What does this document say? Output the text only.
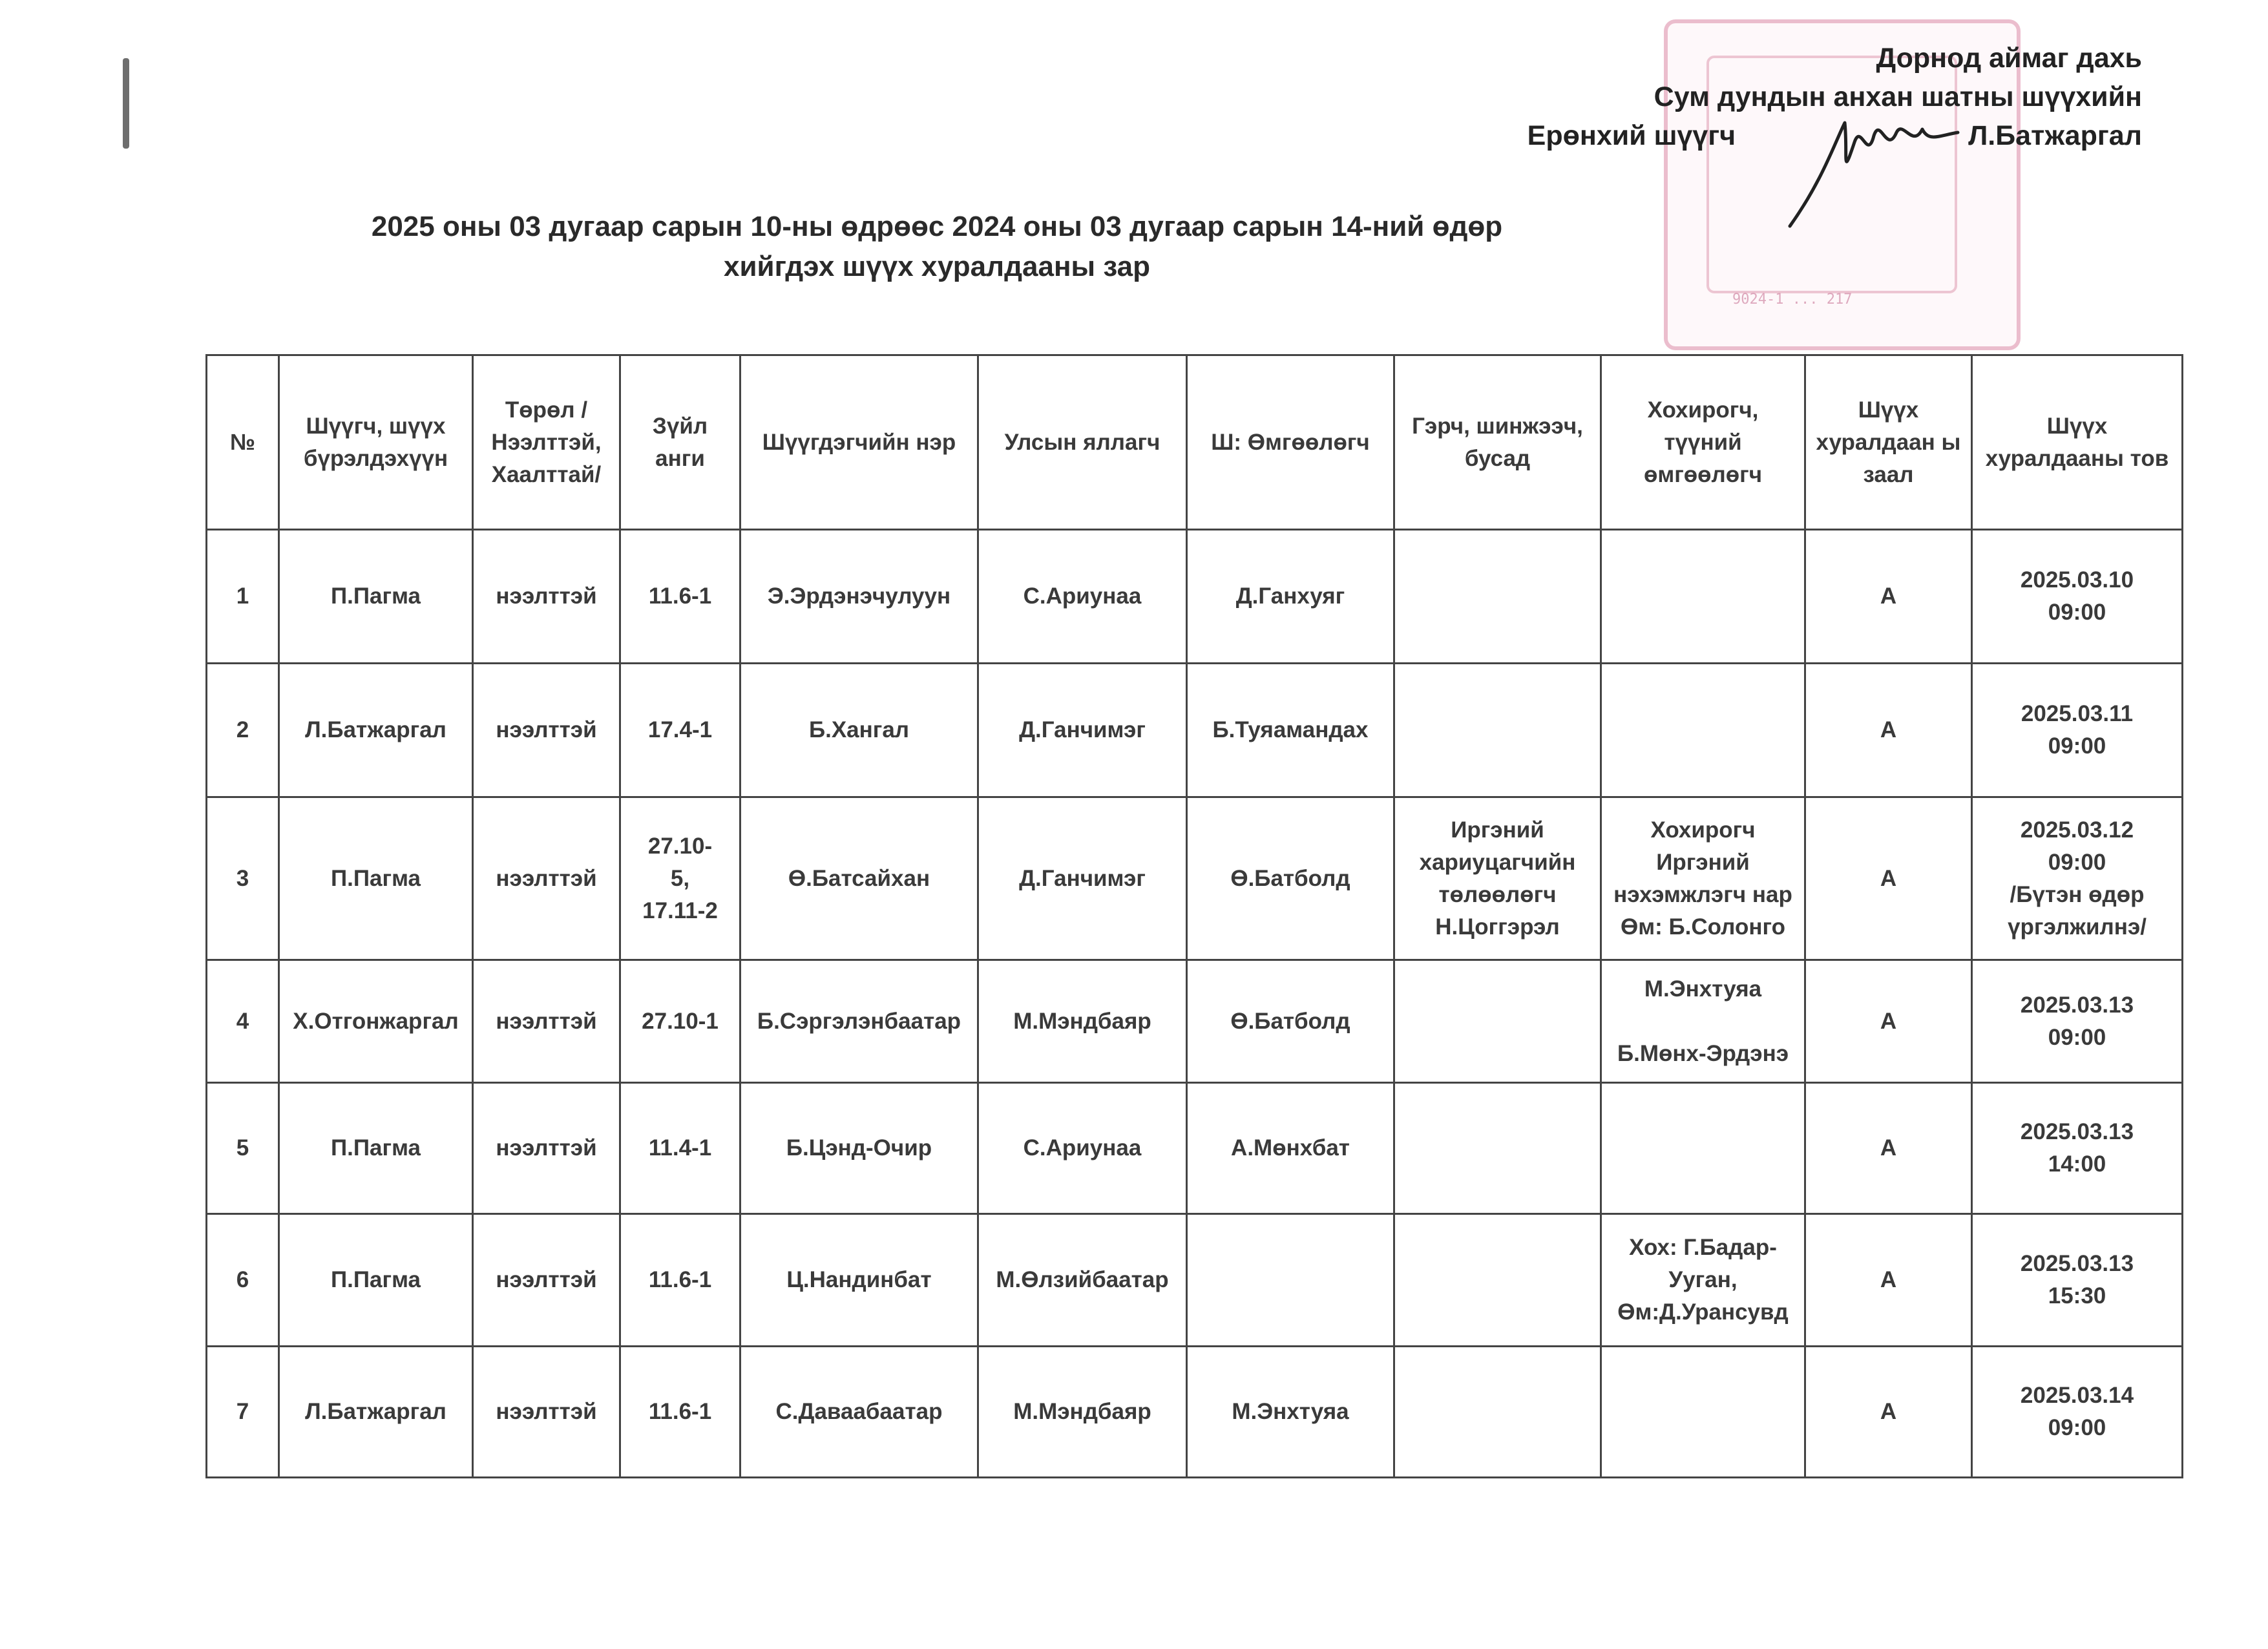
9024-1 ... 217
Дорнод аймаг дахь
Сум дундын анхан шатны шүүхийн
Ерөнхий шүүгч	Л.Батжаргал
2025 оны 03 дугаар сарын 10-ны өдрөөс 2024 оны 03 дугаар сарын 14-ний өдөр
хийгдэх шүүх хуралдааны зар
№	Шүүгч, шүүх бүрэлдэхүүн	Төрөл /Нээлттэй, Хаалттай/	Зүйл анги	Шүүгдэгчийн нэр	Улсын яллагч	Ш: Өмгөөлөгч	Гэрч, шинжээч, бусад	Хохирогч, түүний өмгөөлөгч	Шүүх хуралдаан ы заал	Шүүх хуралдааны тов
1	П.Пагма	нээлттэй	11.6-1	Э.Эрдэнэчулуун	С.Ариунаа	Д.Ганхуяг			А	2025.03.10
09:00
2	Л.Батжаргал	нээлттэй	17.4-1	Б.Хангал	Д.Ганчимэг	Б.Туяамандах			А	2025.03.11
09:00
3	П.Пагма	нээлттэй	27.10-
5,
17.11-2	Ө.Батсайхан	Д.Ганчимэг	Ө.Батболд	Иргэний хариуцагчийн төлөөлөгч Н.Цоггэрэл	Хохирогч Иргэний нэхэмжлэгч нар Өм: Б.Солонго	А	2025.03.12
09:00
/Бүтэн өдөр үргэлжилнэ/
4	Х.Отгонжаргал	нээлттэй	27.10-1	Б.Сэргэлэнбаатар	М.Мэндбаяр	Ө.Батболд		М.Энхтуяа

Б.Мөнх-Эрдэнэ	А	2025.03.13
09:00
5	П.Пагма	нээлттэй	11.4-1	Б.Цэнд-Очир	С.Ариунаа	А.Мөнхбат			А	2025.03.13
14:00
6	П.Пагма	нээлттэй	11.6-1	Ц.Нандинбат	М.Өлзийбаатар			Хох: Г.Бадар-Ууган,
Өм:Д.Урансувд	А	2025.03.13
15:30
7	Л.Батжаргал	нээлттэй	11.6-1	С.Даваабаатар	М.Мэндбаяр	М.Энхтуяа			А	2025.03.14
09:00
